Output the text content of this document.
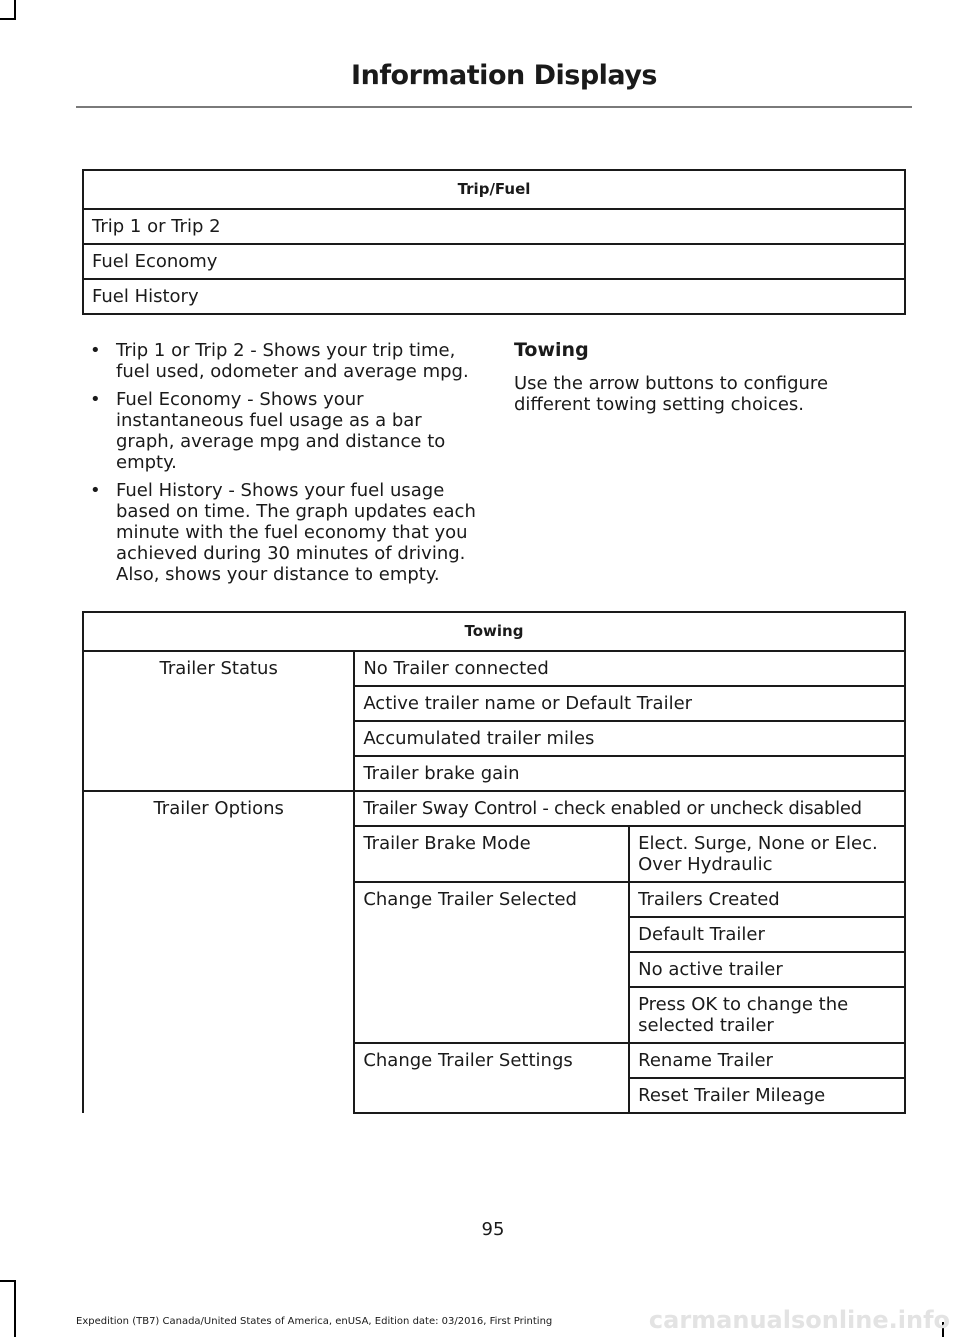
Information Displays
Trip/Fuel
Trip 1 or Trip 2
Fuel Economy
Fuel History
• Trip 1 or Trip 2 - Shows your trip time, fuel used, odometer and average mpg.
• Fuel Economy - Shows your instantaneous fuel usage as a bar graph, average mpg and distance to empty.
• Fuel History - Shows your fuel usage based on time. The graph updates each minute with the fuel economy that you achieved during 30 minutes of driving. Also, shows your distance to empty.
Towing
Use the arrow buttons to configure different towing setting choices.
Towing		
Trailer Status	No Trailer connected	
	Active trailer name or Default Trailer	
	Accumulated trailer miles	
	Trailer brake gain	
Trailer Options	Trailer Sway Control - check enabled or uncheck disabled	
	Trailer Brake Mode	Elect. Surge, None or Elec. Over Hydraulic
	Change Trailer Selected	Trailers Created
		Default Trailer
		No active trailer
		Press OK to change the selected trailer
	Change Trailer Settings	Rename Trailer
		Reset Trailer Mileage
95
Expedition (TB7) Canada/United States of America, enUSA, Edition date: 03/2016, First Printing	carmanualsonline.info
